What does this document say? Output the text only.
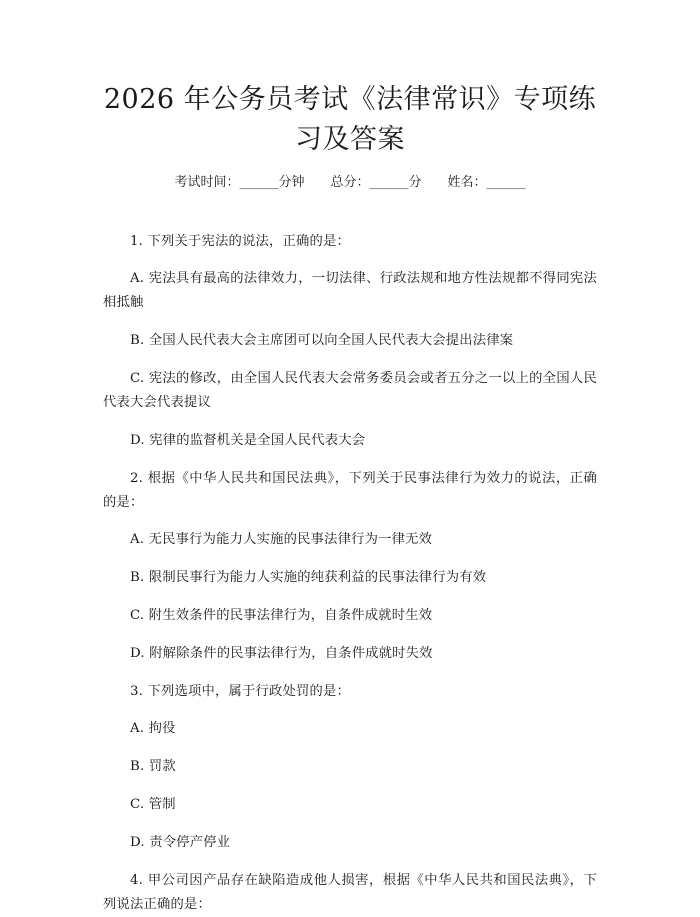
2026 年公务员考试《法律常识》专项练习及答案
考试时间：______分钟 总分：______分 姓名：______

1. 下列关于宪法的说法，正确的是：

A. 宪法具有最高的法律效力，一切法律、行政法规和地方性法规都不得同宪法相抵触

B. 全国人民代表大会主席团可以向全国人民代表大会提出法律案

C. 宪法的修改，由全国人民代表大会常务委员会或者五分之一以上的全国人民代表大会代表提议

D. 宪律的监督机关是全国人民代表大会

2. 根据《中华人民共和国民法典》，下列关于民事法律行为效力的说法，正确的是：

A. 无民事行为能力人实施的民事法律行为一律无效

B. 限制民事行为能力人实施的纯获利益的民事法律行为有效

C. 附生效条件的民事法律行为，自条件成就时生效

D. 附解除条件的民事法律行为，自条件成就时失效

3. 下列选项中，属于行政处罚的是：

A. 拘役

B. 罚款

C. 管制

D. 责令停产停业

4. 甲公司因产品存在缺陷造成他人损害，根据《中华人民共和国民法典》，下列说法正确的是：
